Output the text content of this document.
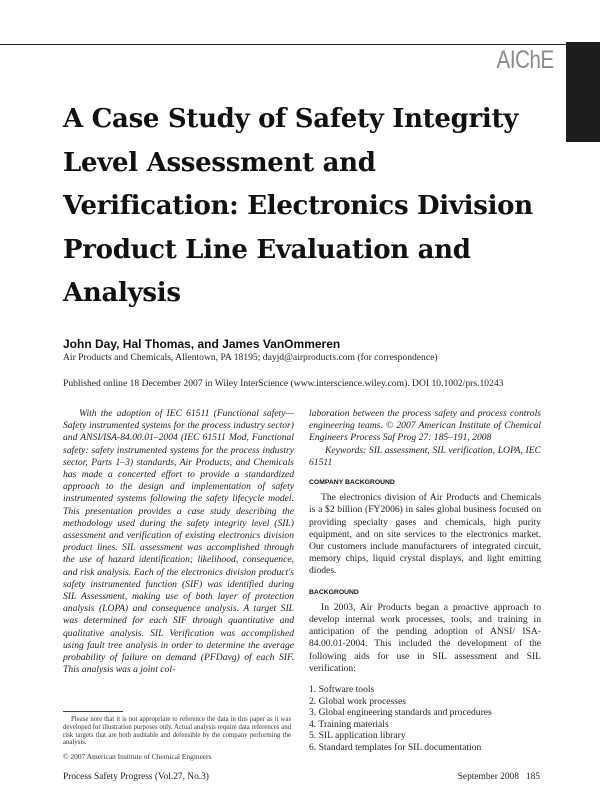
AIChE
A Case Study of Safety Integrity Level Assessment and Verification: Electronics Division Product Line Evaluation and Analysis
John Day, Hal Thomas, and James VanOmmeren
Air Products and Chemicals, Allentown, PA 18195; dayjd@airproducts.com (for correspondence)
Published online 18 December 2007 in Wiley InterScience (www.interscience.wiley.com). DOI 10.1002/prs.10243

With the adoption of IEC 61511 (Functional safety—Safety instrumented systems for the process industry sector) and ANSI/ISA-84.00.01–2004 (IEC 61511 Mod, Functional safety: safety instrumented systems for the process industry sector, Parts 1–3) standards, Air Products, and Chemicals has made a concerted effort to provide a standardized approach to the design and implementation of safety instrumented systems following the safety lifecycle model. This presentation provides a case study describing the methodology used during the safety integrity level (SIL) assessment and verification of existing electronics division product lines. SIL assessment was accomplished through the use of hazard identification; likelihood, consequence, and risk analysis. Each of the electronics division product's safety instrumented function (SIF) was identified during SIL Assessment, making use of both layer of protection analysis (LOPA) and consequence analysis. A target SIL was determined for each SIF through quantitative and qualitative analysis. SIL Verification was accomplished using fault tree analysis in order to determine the average probability of failure on demand (PFDavg) of each SIF. This analysis was a joint col-

laboration between the process safety and process controls engineering teams. © 2007 American Institute of Chemical Engineers Process Saf Prog 27: 185–191, 2008

Keywords: SIL assessment, SIL verification, LOPA, IEC 61511

COMPANY BACKGROUND

The electronics division of Air Products and Chemicals is a $2 billion (FY2006) in sales global business focused on providing specialty gases and chemicals, high purity equipment, and on site services to the electronics market. Our customers include manufacturers of integrated circuit, memory chips, liquid crystal displays, and light emitting diodes.

BACKGROUND

In 2003, Air Products began a proactive approach to develop internal work processes, tools, and training in anticipation of the pending adoption of ANSI/ ISA-84.00.01-2004. This included the development of the following aids for use in SIL assessment and SIL verification:

1. Software tools
2. Global work processes
3. Global engineering standards and procedures
4. Training materials
5. SIL application library
6. Standard templates for SIL documentation
Please note that it is not appropriate to reference the data in this paper as it was developed for illustration purposes only. Actual analysis require data references and risk targets that are both auditable and defensible by the company performing the analysis.
© 2007 American Institute of Chemical Engineers
Process Safety Progress (Vol.27, No.3)	September 2008   185
